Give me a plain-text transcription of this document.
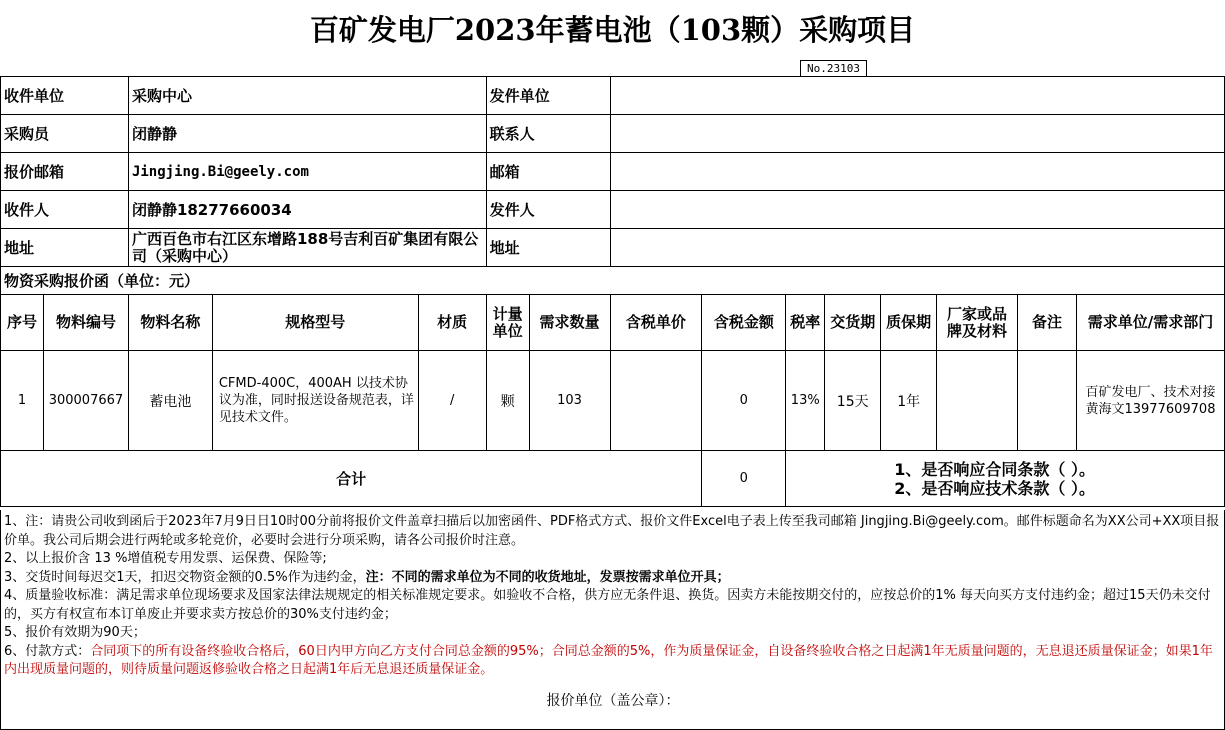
百矿发电厂2023年蓄电池（103颗）采购项目
No.23103
收件单位		采购中心			发件单位									
采购员		闭静静			联系人									
报价邮箱		Jingjing.Bi@geely.com			邮箱									
收件人		闭静静18277660034			发件人									
地址		广西百色市右江区东增路188号吉利百矿集团有限公司（采购中心）			地址									
物资采购报价函（单位：元）														
序号	物料编号	物料名称	规格型号	材质	计量单位	需求数量	含税单价	含税金额	税率	交货期	质保期	厂家或品牌及材料	备注	需求单位/需求部门
1	300007667	蓄电池	CFMD-400C，400AH 以技术协议为准，同时报送设备规范表，详见技术文件。	/	颗	103		0	13%	15天	1年			百矿发电厂、技术对接黄海文13977609708
合计								0	1、是否响应合同条款（ ）。
2、是否响应技术条款（ ）。					

1、注：请贵公司收到函后于2023年7月9日日10时00分前将报价文件盖章扫描后以加密函件、PDF格式方式、报价文件Excel电子表上传至我司邮箱 Jingjing.Bi@geely.com。邮件标题命名为XX公司+XX项目报价单。我公司后期会进行两轮或多轮竞价，必要时会进行分项采购，请各公司报价时注意。

2、以上报价含 13 %增值税专用发票、运保费、保险等;

3、交货时间每迟交1天，扣迟交物资金额的0.5%作为违约金，注：不同的需求单位为不同的收货地址，发票按需求单位开具；

4、质量验收标准：满足需求单位现场要求及国家法律法规规定的相关标准规定要求。如验收不合格，供方应无条件退、换货。因卖方未能按期交付的，应按总价的1% 每天向买方支付违约金；超过15天仍未交付的，买方有权宣布本订单废止并要求卖方按总价的30%支付违约金；

5、报价有效期为90天；

6、付款方式：合同项下的所有设备终验收合格后，60日内甲方向乙方支付合同总金额的95%；合同总金额的5%，作为质量保证金，自设备终验收合格之日起满1年无质量问题的，无息退还质量保证金；如果1年内出现质量问题的，则待质量问题返修验收合格之日起满1年后无息退还质量保证金。

报价单位（盖公章）：
